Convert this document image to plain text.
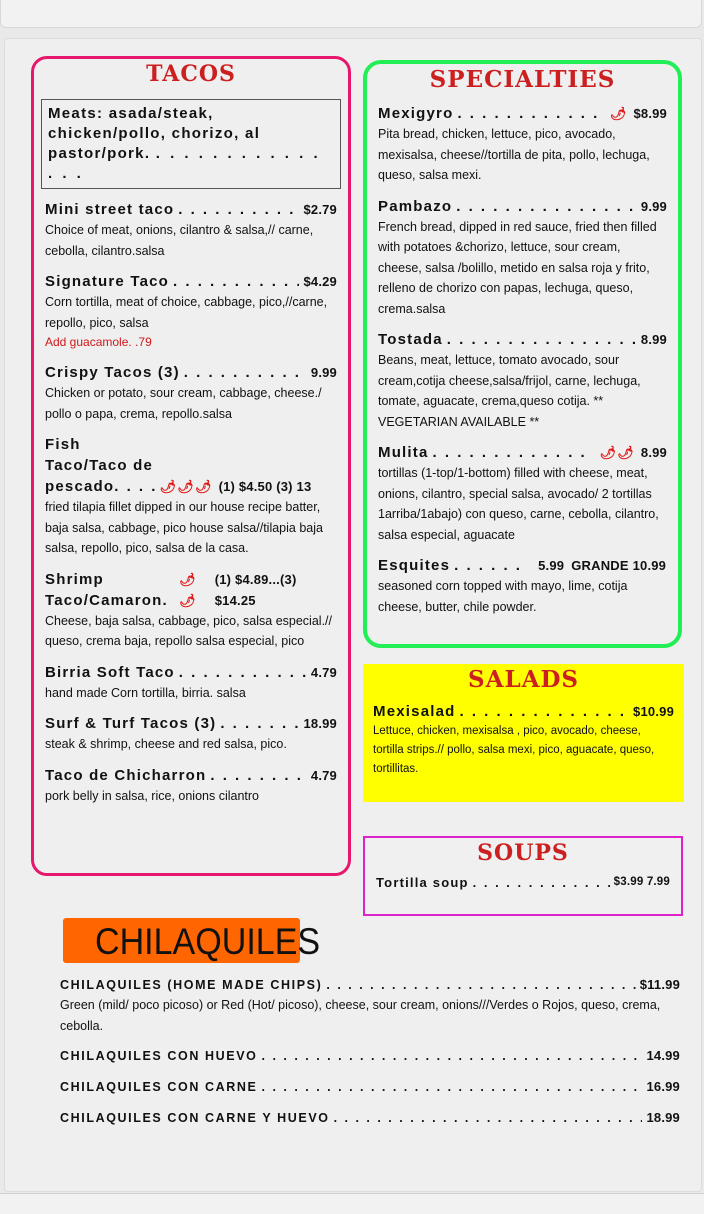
TACOS
Meats: asada/steak, chicken/pollo, chorizo, al pastor/pork. . . . . . . . . . . . . . . .
Mini street taco . . .	$2.79
Choice of meat, onions, cilantro & salsa,// carne, cebolla, cilantro.salsa
Signature Taco . . .	$4.29
Corn tortilla, meat of choice, cabbage, pico,//carne, repollo, pico, salsa
Add guacamole. .79
Crispy Tacos (3) . . .	9.99
Chicken or potato, sour cream, cabbage, cheese./ pollo o papa, crema, repollo.salsa
Fish
Taco/Taco de
pescado . . . . 🌶🌶🌶 (1) $4.50 (3) 13
fried tilapia fillet dipped in our house recipe batter, baja salsa, cabbage, pico house salsa//tilapia baja salsa, repollo, pico, salsa de la casa.
Shrimp	🌶 (1) $4.89...(3)
Taco/Camaron. 🌶 $14.25
Cheese, baja salsa, cabbage, pico, salsa especial.// queso, crema baja, repollo salsa especial, pico
Birria Soft Taco . . .	4.79
hand made Corn tortilla, birria. salsa
Surf & Turf Tacos (3) . . .	18.99
steak & shrimp, cheese and red salsa, pico.
Taco de Chicharron . . .	4.79
pork belly in salsa, rice, onions cilantro
SPECIALTIES
Mexigyro . . .	🌶 $8.99
Pita bread, chicken, lettuce, pico, avocado, mexisalsa, cheese//tortilla de pita, pollo, lechuga, queso, salsa mexi.
Pambazo . . .	9.99
French bread, dipped in red sauce, fried then filled with potatoes &chorizo, lettuce, sour cream, cheese, salsa /bolillo, metido en salsa roja y frito, relleno de chorizo con papas, lechuga, queso, crema.salsa
Tostada . . .	8.99
Beans, meat, lettuce, tomato avocado, sour cream,cotija cheese,salsa/frijol, carne, lechuga, tomate, aguacate, crema,queso cotija. ** VEGETARIAN AVAILABLE **
Mulita . . .	🌶🌶 8.99
tortillas (1-top/1-bottom) filled with cheese, meat, onions, cilantro, special salsa, avocado/ 2 tortillas 1arriba/1abajo) con queso, carne, cebolla, cilantro, salsa especial, aguacate
Esquites . . .	5.99 GRANDE 10.99
seasoned corn topped with mayo, lime, cotija cheese, butter, chile powder.
SALADS
Mexisalad . . .	$10.99
Lettuce, chicken, mexisalsa , pico, avocado, cheese, tortilla strips.// pollo, salsa mexi, pico, aguacate, queso, tortillitas.
SOUPS
Tortilla soup . . .	$3.99 7.99
CHILAQUILES
CHILAQUILES (HOME MADE CHIPS) . . .	$11.99
Green (mild/ poco picoso) or Red (Hot/ picoso), cheese, sour cream, onions///Verdes o Rojos, queso, crema, cebolla.
CHILAQUILES CON HUEVO . . .	14.99
CHILAQUILES CON CARNE . . .	16.99
CHILAQUILES CON CARNE Y HUEVO . . .	18.99
